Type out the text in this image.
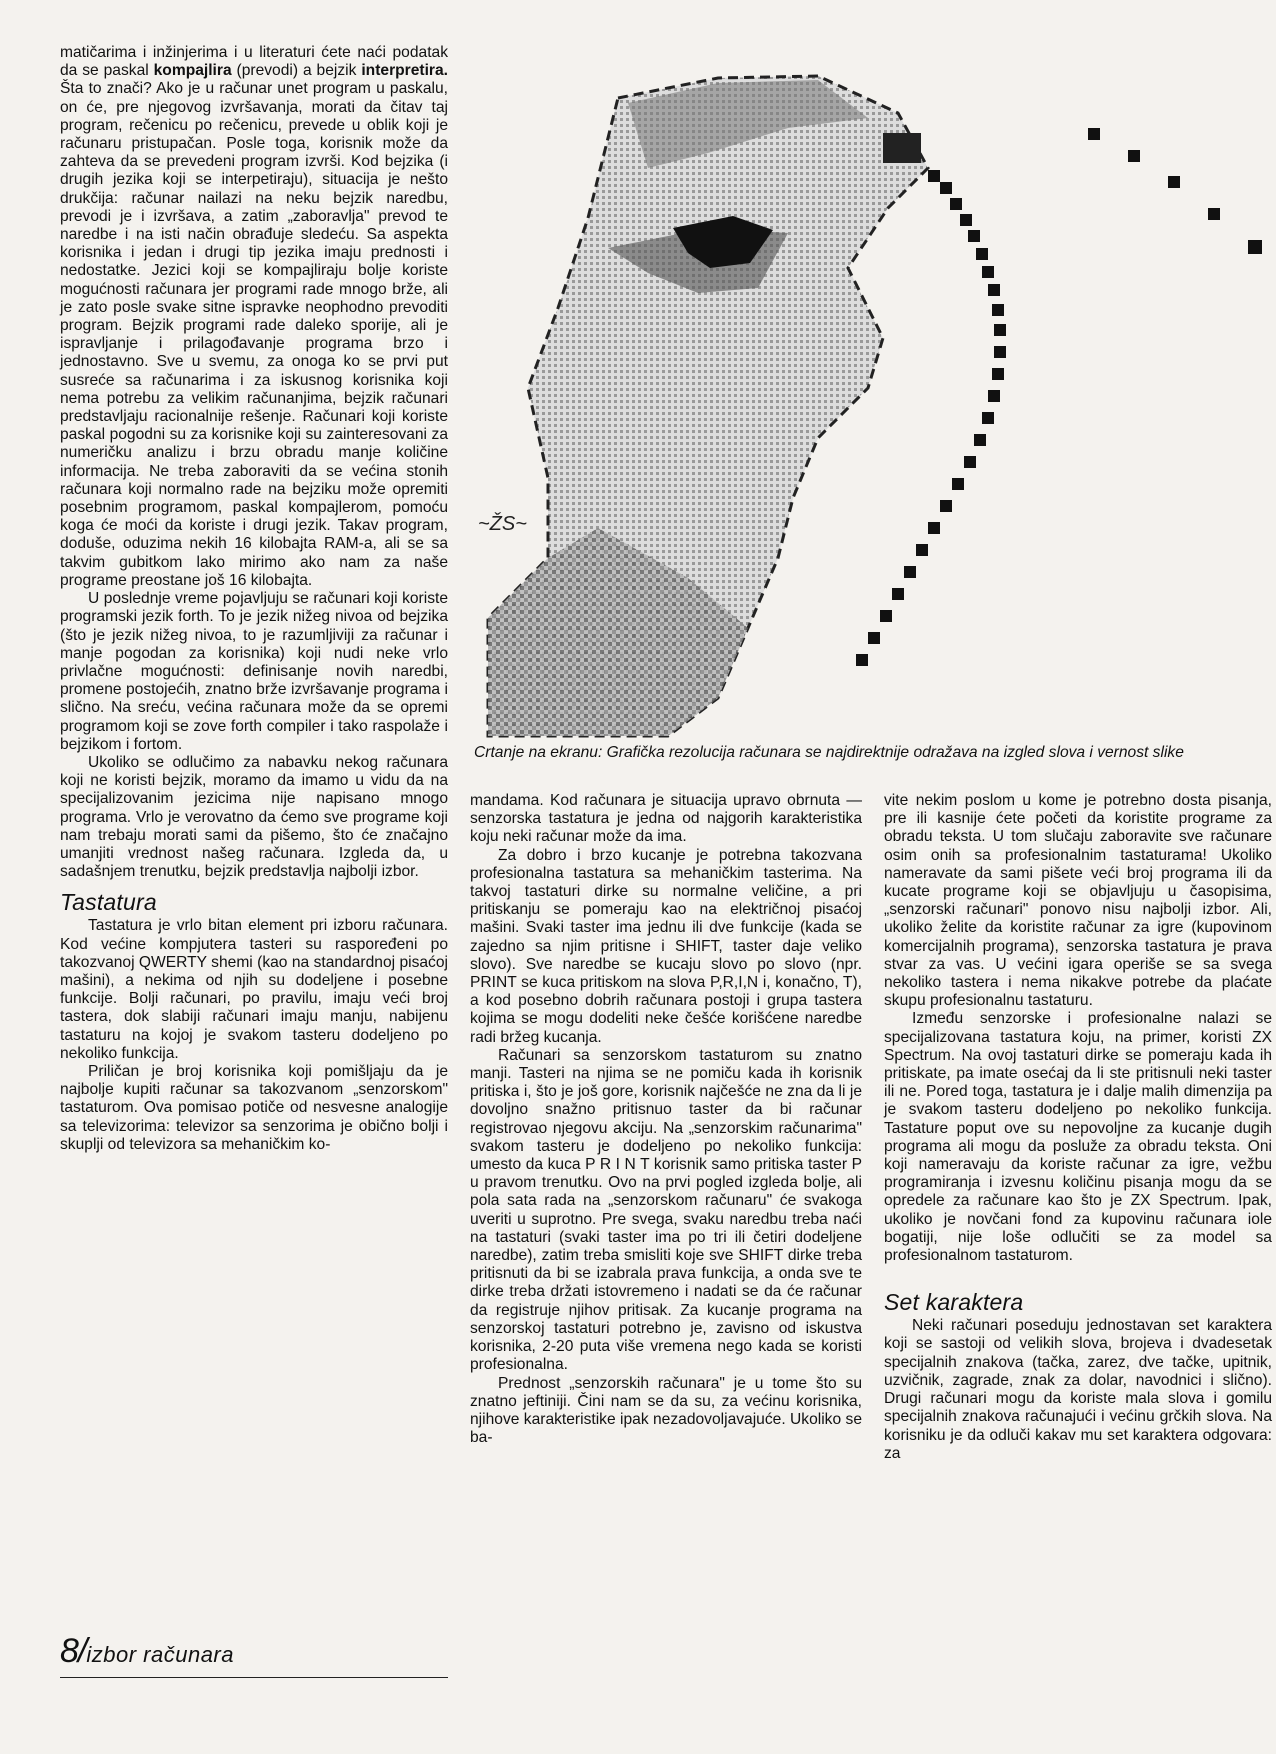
matičarima i inžinjerima i u literaturi ćete naći podatak da se paskal kompajlira (prevodi) a bejzik interpretira. Šta to znači? Ako je u računar unet program u paskalu, on će, pre njegovog izvršavanja, morati da čitav taj program, rečenicu po rečenicu, prevede u oblik koji je računaru pristupačan. Posle toga, korisnik može da zahteva da se prevedeni program izvrši. Kod bejzika (i drugih jezika koji se interpetiraju), situacija je nešto drukčija: računar nailazi na neku bejzik naredbu, prevodi je i izvršava, a zatim „zaboravlja" prevod te naredbe i na isti način obrađuje sledeću. Sa aspekta korisnika i jedan i drugi tip jezika imaju prednosti i nedostatke. Jezici koji se kompajliraju bolje koriste mogućnosti računara jer programi rade mnogo brže, ali je zato posle svake sitne ispravke neophodno prevoditi program. Bejzik programi rade daleko sporije, ali je ispravljanje i prilagođavanje programa brzo i jednostavno. Sve u svemu, za onoga ko se prvi put susreće sa računarima i za iskusnog korisnika koji nema potrebu za velikim računanjima, bejzik računari predstavljaju racionalnije rešenje. Računari koji koriste paskal pogodni su za korisnike koji su zainteresovani za numeričku analizu i brzu obradu manje količine informacija. Ne treba zaboraviti da se većina stonih računara koji normalno rade na bejziku može opremiti posebnim programom, paskal kompajlerom, pomoću koga će moći da koriste i drugi jezik. Takav program, doduše, oduzima nekih 16 kilobajta RAM-a, ali se sa takvim gubitkom lako mirimo ako nam za naše programe preostane još 16 kilobajta.

U poslednje vreme pojavljuju se računari koji koriste programski jezik forth. To je jezik nižeg nivoa od bejzika (što je jezik nižeg nivoa, to je razumljiviji za računar i manje pogodan za korisnika) koji nudi neke vrlo privlačne mogućnosti: definisanje novih naredbi, promene postojećih, znatno brže izvršavanje programa i slično. Na sreću, većina računara može da se opremi programom koji se zove forth compiler i tako raspolaže i bejzikom i fortom.

Ukoliko se odlučimo za nabavku nekog računara koji ne koristi bejzik, moramo da imamo u vidu da na specijalizovanim jezicima nije napisano mnogo programa. Vrlo je verovatno da ćemo sve programe koji nam trebaju morati sami da pišemo, što će značajno umanjiti vrednost našeg računara. Izgleda da, u sadašnjem trenutku, bejzik predstavlja najbolji izbor.

Tastatura

Tastatura je vrlo bitan element pri izboru računara. Kod većine kompjutera tasteri su raspoređeni po takozvanoj QWERTY shemi (kao na standardnoj pisaćoj mašini), a nekima od njih su dodeljene i posebne funkcije. Bolji računari, po pravilu, imaju veći broj tastera, dok slabiji računari imaju manju, nabijenu tastaturu na kojoj je svakom tasteru dodeljeno po nekoliko funkcija.

Priličan je broj korisnika koji pomišljaju da je najbolje kupiti računar sa takozvanom „senzorskom" tastaturom. Ova pomisao potiče od nesvesne analogije sa televizorima: televizor sa senzorima je obično bolji i skuplji od televizora sa mehaničkim ko-

~ŽS~
Crtanje na ekranu: Grafička rezolucija računara se najdirektnije odražava na izgled slova i vernost slike

mandama. Kod računara je situacija upravo obrnuta — senzorska tastatura je jedna od najgorih karakteristika koju neki računar može da ima.

Za dobro i brzo kucanje je potrebna takozvana profesionalna tastatura sa mehaničkim tasterima. Na takvoj tastaturi dirke su normalne veličine, a pri pritiskanju se pomeraju kao na električnoj pisaćoj mašini. Svaki taster ima jednu ili dve funkcije (kada se zajedno sa njim pritisne i SHIFT, taster daje veliko slovo). Sve naredbe se kucaju slovo po slovo (npr. PRINT se kuca pritiskom na slova P,R,I,N i, konačno, T), a kod posebno dobrih računara postoji i grupa tastera kojima se mogu dodeliti neke češće korišćene naredbe radi bržeg kucanja.

Računari sa senzorskom tastaturom su znatno manji. Tasteri na njima se ne pomiču kada ih korisnik pritiska i, što je još gore, korisnik najčešće ne zna da li je dovoljno snažno pritisnuo taster da bi računar registrovao njegovu akciju. Na „senzorskim računarima" svakom tasteru je dodeljeno po nekoliko funkcija: umesto da kuca P R I N T korisnik samo pritiska taster P u pravom trenutku. Ovo na prvi pogled izgleda bolje, ali pola sata rada na „senzorskom računaru" će svakoga uveriti u suprotno. Pre svega, svaku naredbu treba naći na tastaturi (svaki taster ima po tri ili četiri dodeljene naredbe), zatim treba smisliti koje sve SHIFT dirke treba pritisnuti da bi se izabrala prava funkcija, a onda sve te dirke treba držati istovremeno i nadati se da će računar da registruje njihov pritisak. Za kucanje programa na senzorskoj tastaturi potrebno je, zavisno od iskustva korisnika, 2-20 puta više vremena nego kada se koristi profesionalna.

Prednost „senzorskih računara" je u tome što su znatno jeftiniji. Čini nam se da su, za većinu korisnika, njihove karakteristike ipak nezadovoljavajuće. Ukoliko se ba-

vite nekim poslom u kome je potrebno dosta pisanja, pre ili kasnije ćete početi da koristite programe za obradu teksta. U tom slučaju zaboravite sve računare osim onih sa profesionalnim tastaturama! Ukoliko nameravate da sami pišete veći broj programa ili da kucate programe koji se objavljuju u časopisima, „senzorski računari" ponovo nisu najbolji izbor. Ali, ukoliko želite da koristite računar za igre (kupovinom komercijalnih programa), senzorska tastatura je prava stvar za vas. U većini igara operiše se sa svega nekoliko tastera i nema nikakve potrebe da plaćate skupu profesionalnu tastaturu.

Između senzorske i profesionalne nalazi se specijalizovana tastatura koju, na primer, koristi ZX Spectrum. Na ovoj tastaturi dirke se pomeraju kada ih pritiskate, pa imate osećaj da li ste pritisnuli neki taster ili ne. Pored toga, tastatura je i dalje malih dimenzija pa je svakom tasteru dodeljeno po nekoliko funkcija. Tastature poput ove su nepovoljne za kucanje dugih programa ali mogu da posluže za obradu teksta. Oni koji nameravaju da koriste računar za igre, vežbu programiranja i izvesnu količinu pisanja mogu da se opredele za računare kao što je ZX Spectrum. Ipak, ukoliko je novčani fond za kupovinu računara iole bogatiji, nije loše odlučiti se za model sa profesionalnom tastaturom.

Set karaktera

Neki računari poseduju jednostavan set karaktera koji se sastoji od velikih slova, brojeva i dvadesetak specijalnih znakova (tačka, zarez, dve tačke, upitnik, uzvičnik, zagrade, znak za dolar, navodnici i slično). Drugi računari mogu da koriste mala slova i gomilu specijalnih znakova računajući i većinu grčkih slova. Na korisniku je da odluči kakav mu set karaktera odgovara: za

8/izbor računara
